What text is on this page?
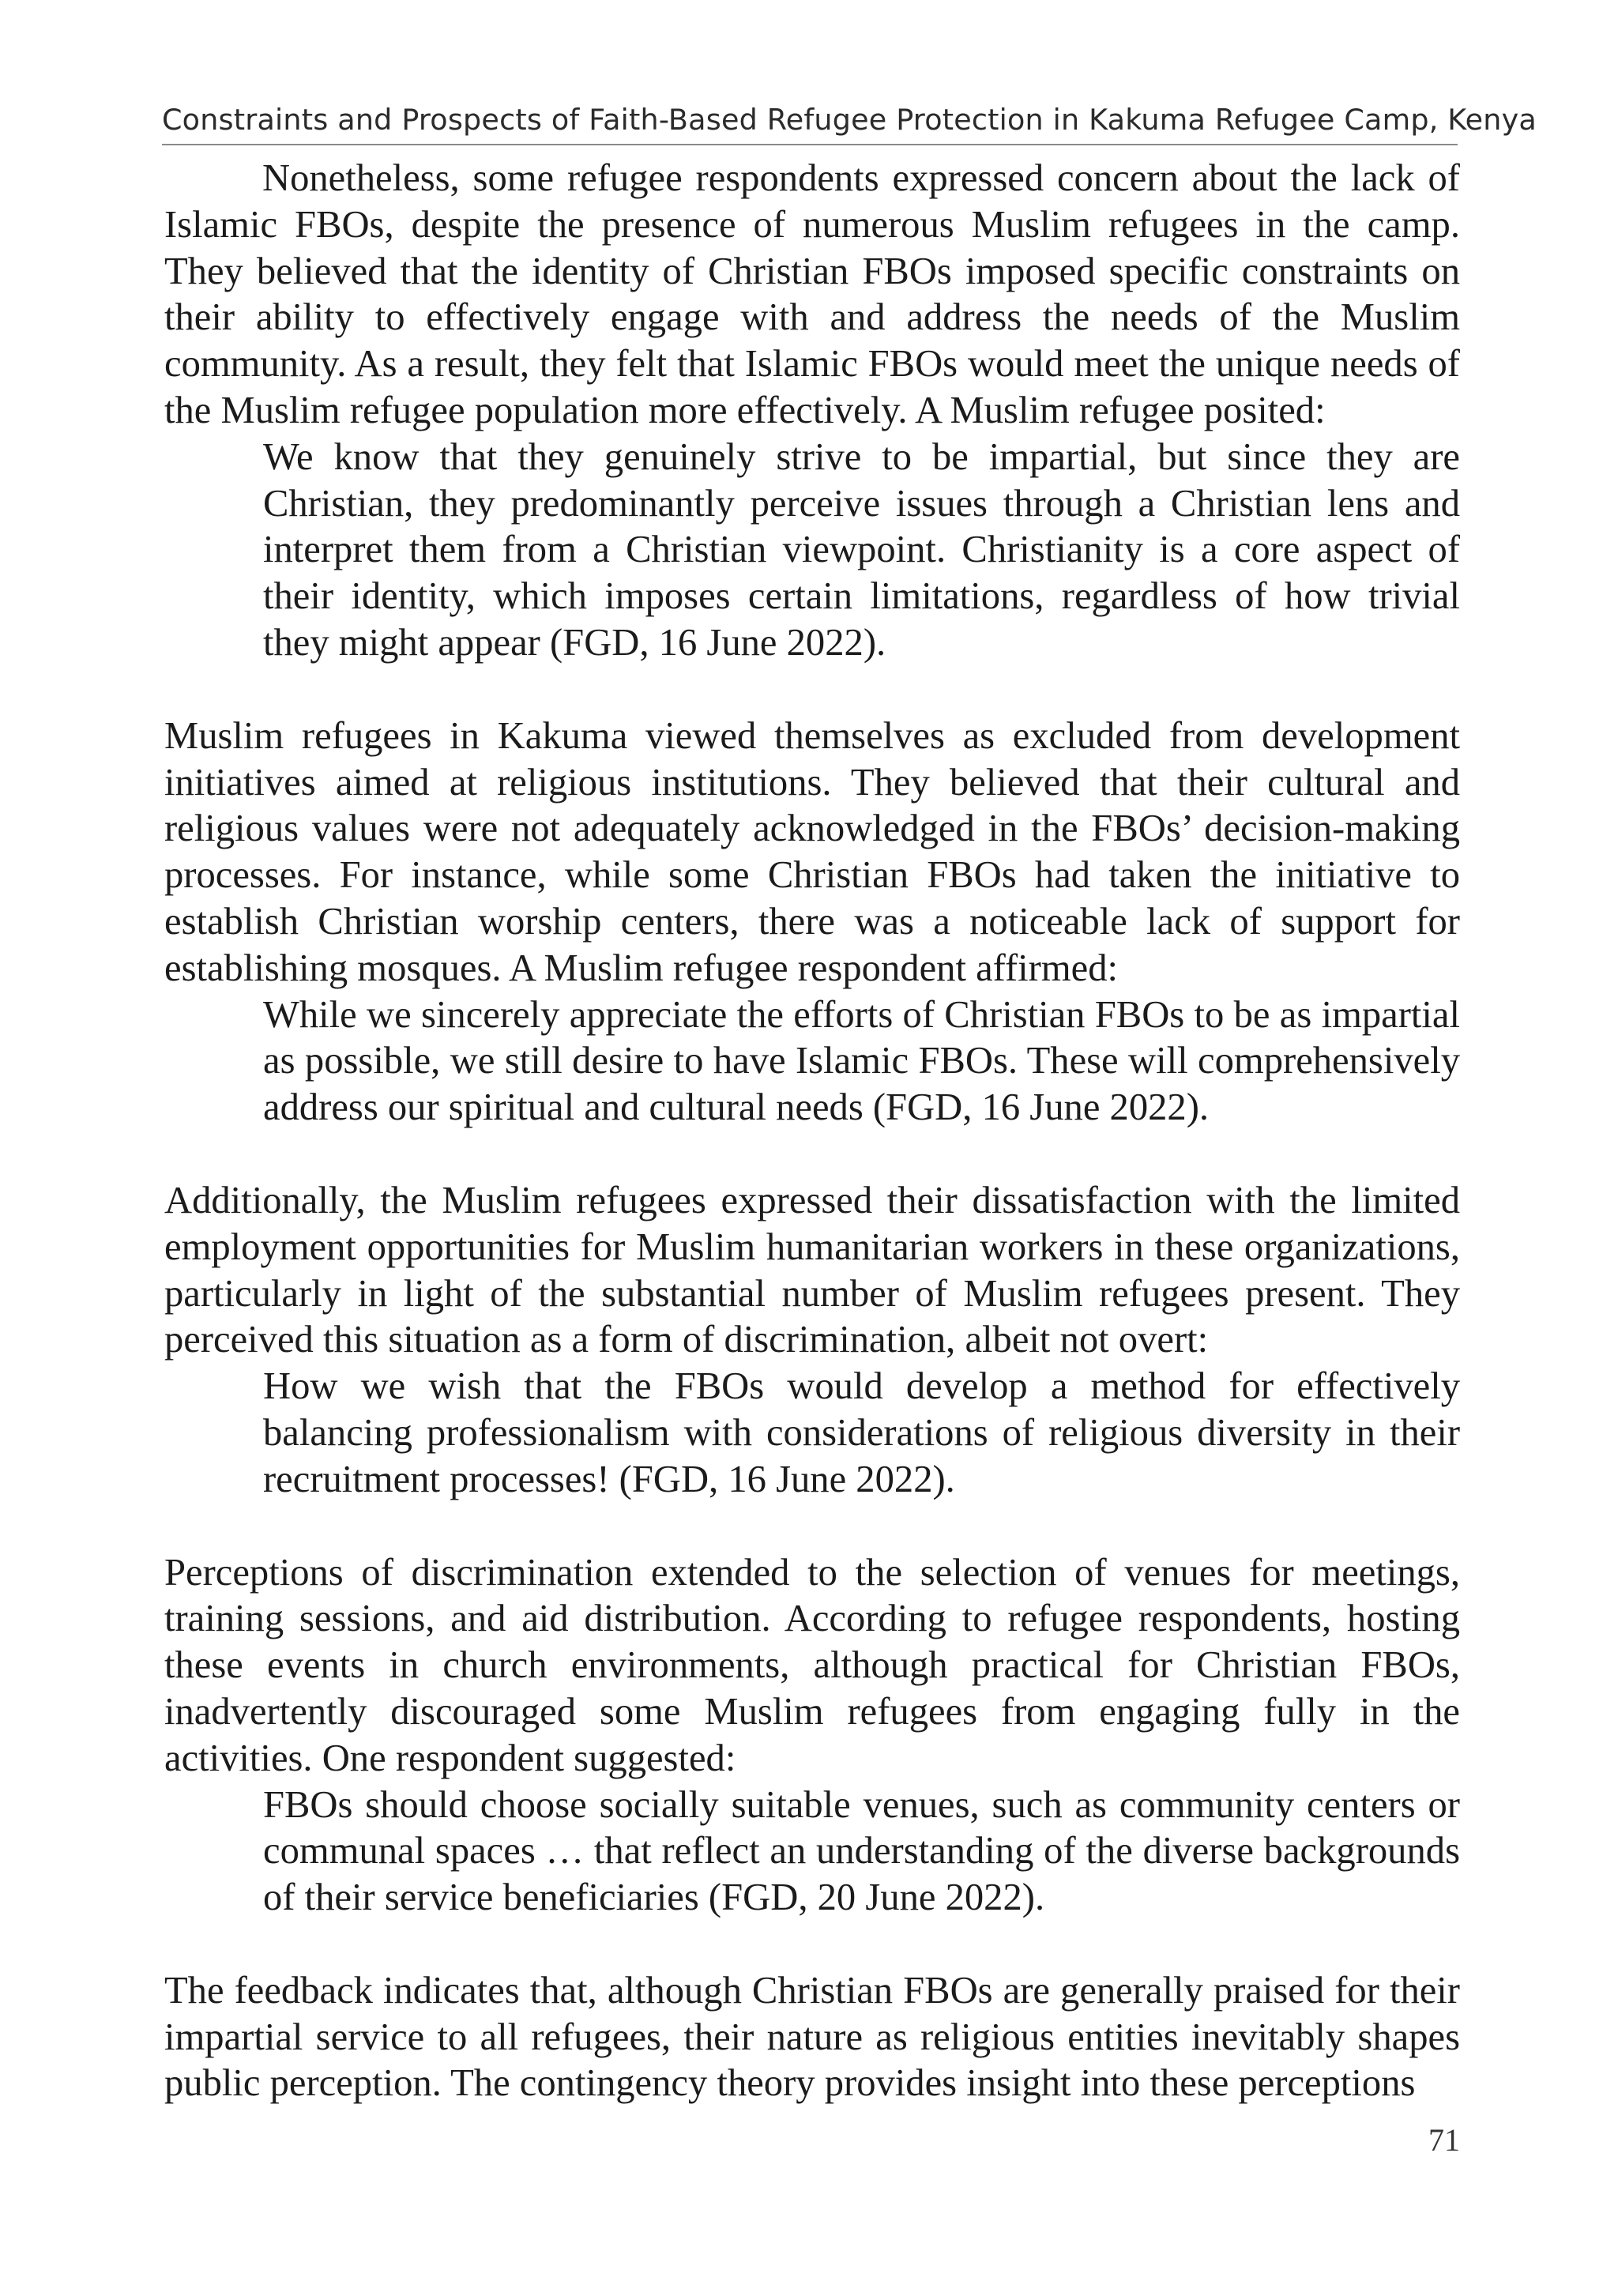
Constraints and Prospects of Faith-Based Refugee Protection in Kakuma Refugee Camp, Kenya

Nonetheless, some refugee respondents expressed concern about the lack of Islamic FBOs, despite the presence of numerous Muslim refugees in the camp. They believed that the identity of Christian FBOs imposed specific constraints on their ability to effectively engage with and address the needs of the Muslim community. As a result, they felt that Islamic FBOs would meet the unique needs of the Muslim refugee population more effectively. A Muslim refugee posited:

We know that they genuinely strive to be impartial, but since they are Christian, they predominantly perceive issues through a Christian lens and interpret them from a Christian viewpoint. Christianity is a core aspect of their identity, which imposes certain limitations, regardless of how trivial they might appear (FGD, 16 June 2022).

Muslim refugees in Kakuma viewed themselves as excluded from development initiatives aimed at religious institutions. They believed that their cultural and religious values were not adequately acknowledged in the FBOs’ decision-making processes. For instance, while some Christian FBOs had taken the initiative to establish Christian worship centers, there was a noticeable lack of support for establishing mosques. A Muslim refugee respondent affirmed:

While we sincerely appreciate the efforts of Christian FBOs to be as impartial as possible, we still desire to have Islamic FBOs. These will comprehensively address our spiritual and cultural needs (FGD, 16 June 2022).

Additionally, the Muslim refugees expressed their dissatisfaction with the limited employment opportunities for Muslim humanitarian workers in these organizations, particularly in light of the substantial number of Muslim refugees present. They perceived this situation as a form of discrimination, albeit not overt:

How we wish that the FBOs would develop a method for effectively balancing professionalism with considerations of religious diversity in their recruitment processes! (FGD, 16 June 2022).

Perceptions of discrimination extended to the selection of venues for meetings, training sessions, and aid distribution. According to refugee respondents, hosting these events in church environments, although practical for Christian FBOs, inadvertently discouraged some Muslim refugees from engaging fully in the activities. One respondent suggested:

FBOs should choose socially suitable venues, such as community centers or communal spaces … that reflect an understanding of the diverse backgrounds of their service beneficiaries (FGD, 20 June 2022).

The feedback indicates that, although Christian FBOs are generally praised for their impartial service to all refugees, their nature as religious entities inevitably shapes public perception. The contingency theory provides insight into these perceptions

71
